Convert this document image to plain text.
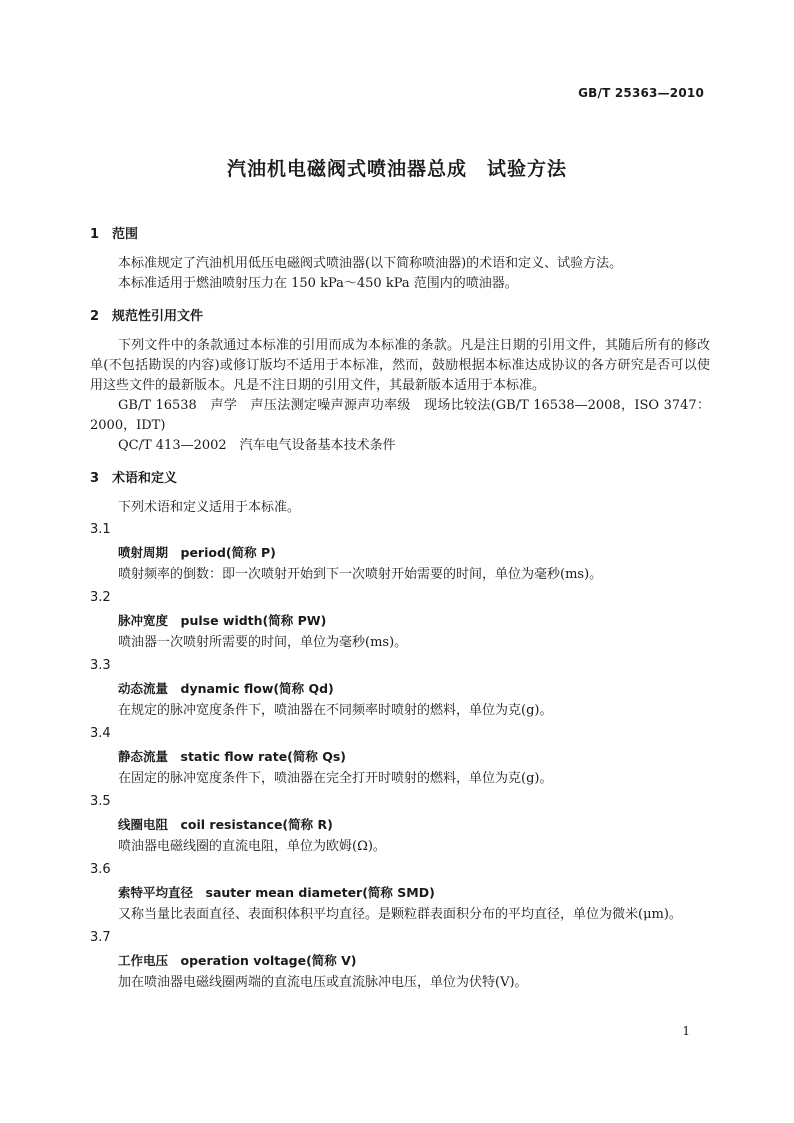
GB/T 25363—2010
汽油机电磁阀式喷油器总成　试验方法
1 范围

本标准规定了汽油机用低压电磁阀式喷油器(以下简称喷油器)的术语和定义、试验方法。

本标准适用于燃油喷射压力在 150 kPa～450 kPa 范围内的喷油器。

2 规范性引用文件

下列文件中的条款通过本标准的引用而成为本标准的条款。凡是注日期的引用文件，其随后所有的修改单(不包括勘误的内容)或修订版均不适用于本标准，然而，鼓励根据本标准达成协议的各方研究是否可以使用这些文件的最新版本。凡是不注日期的引用文件，其最新版本适用于本标准。

GB/T 16538　声学　声压法测定噪声源声功率级　现场比较法(GB/T 16538—2008，ISO 3747：2000，IDT)

QC/T 413—2002　汽车电气设备基本技术条件

3 术语和定义

下列术语和定义适用于本标准。

3.1

喷射周期　period(简称 P)

喷射频率的倒数：即一次喷射开始到下一次喷射开始需要的时间，单位为毫秒(ms)。

3.2

脉冲宽度　pulse width(简称 PW)

喷油器一次喷射所需要的时间，单位为毫秒(ms)。

3.3

动态流量　dynamic flow(简称 Qd)

在规定的脉冲宽度条件下，喷油器在不同频率时喷射的燃料，单位为克(g)。

3.4

静态流量　static flow rate(简称 Qs)

在固定的脉冲宽度条件下，喷油器在完全打开时喷射的燃料，单位为克(g)。

3.5

线圈电阻　coil resistance(简称 R)

喷油器电磁线圈的直流电阻，单位为欧姆(Ω)。

3.6

索特平均直径　sauter mean diameter(简称 SMD)

又称当量比表面直径、表面积体积平均直径。是颗粒群表面积分布的平均直径，单位为微米(μm)。

3.7

工作电压　operation voltage(简称 V)

加在喷油器电磁线圈两端的直流电压或直流脉冲电压，单位为伏特(V)。

1
